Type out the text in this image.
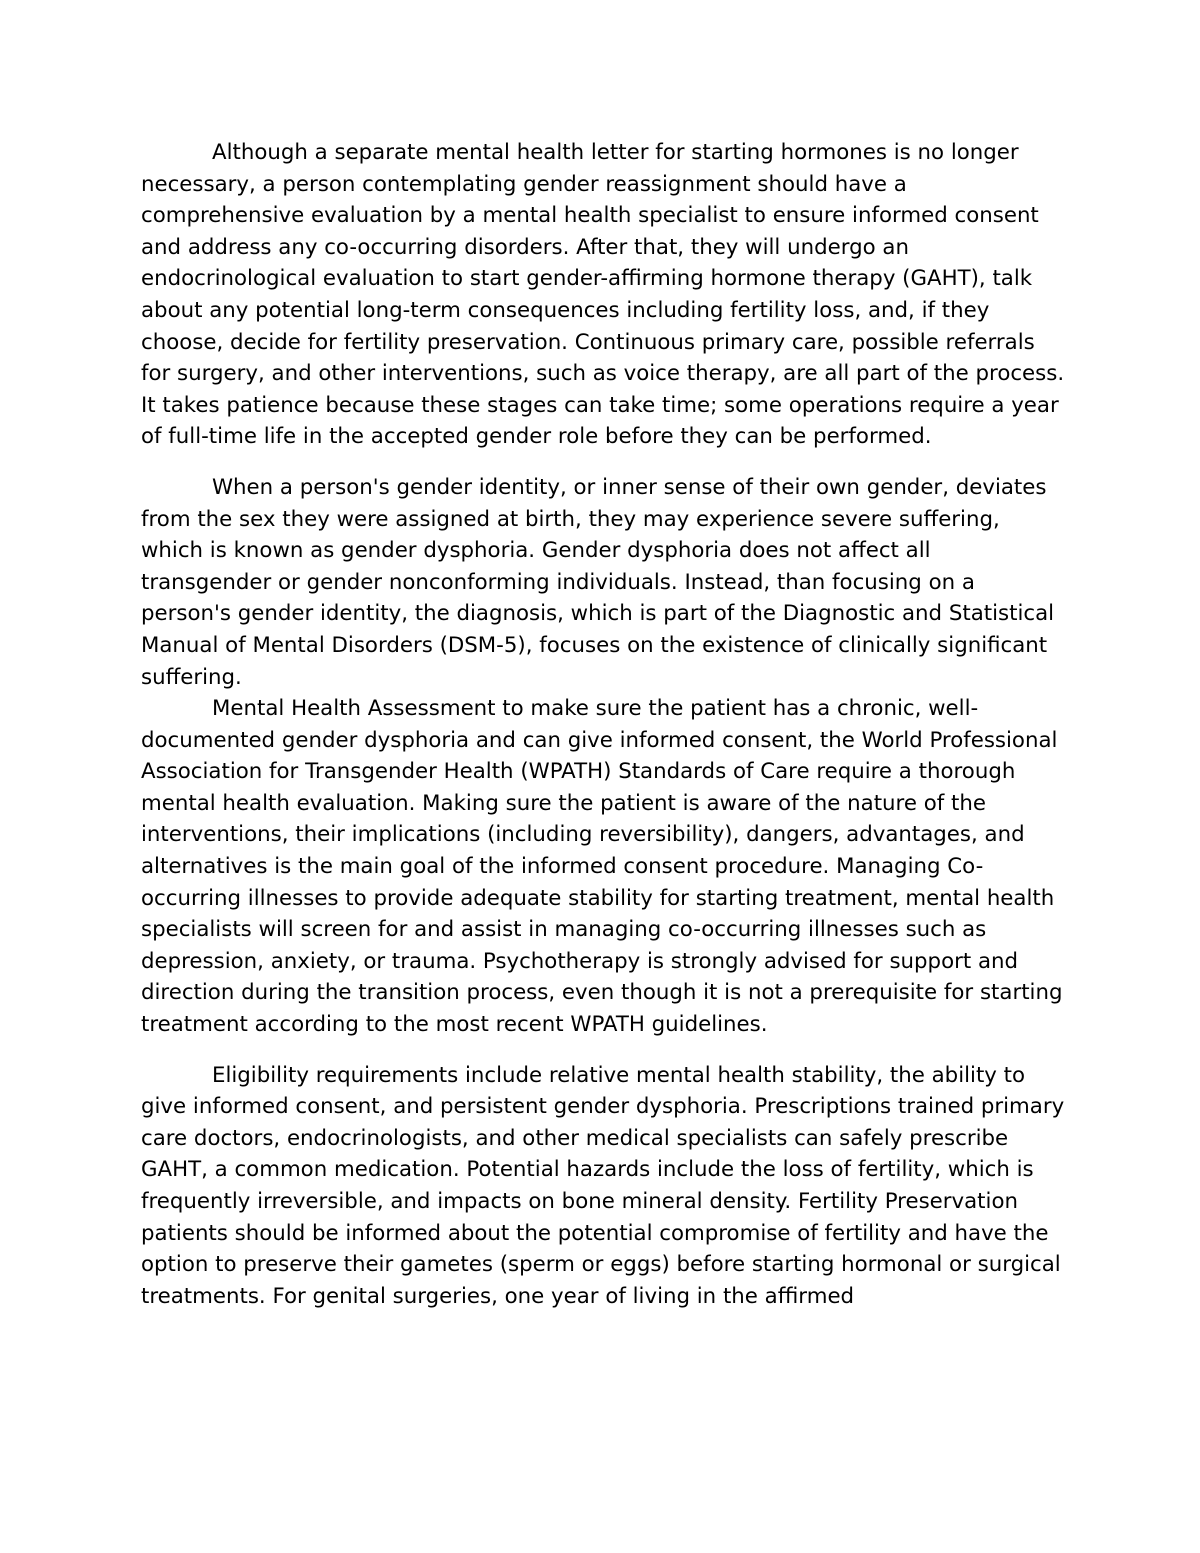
Although a separate mental health letter for starting hormones is no longer necessary, a person contemplating gender reassignment should have a comprehensive evaluation by a mental health specialist to ensure informed consent and address any co-occurring disorders. After that, they will undergo an endocrinological evaluation to start gender-affirming hormone therapy (GAHT), talk about any potential long-term consequences including fertility loss, and, if they choose, decide for fertility preservation. Continuous primary care, possible referrals for surgery, and other interventions, such as voice therapy, are all part of the process. It takes patience because these stages can take time; some operations require a year of full-time life in the accepted gender role before they can be performed.

When a person's gender identity, or inner sense of their own gender, deviates from the sex they were assigned at birth, they may experience severe suffering, which is known as gender dysphoria. Gender dysphoria does not affect all transgender or gender nonconforming individuals. Instead, than focusing on a person's gender identity, the diagnosis, which is part of the Diagnostic and Statistical Manual of Mental Disorders (DSM-5), focuses on the existence of clinically significant suffering.

Mental Health Assessment to make sure the patient has a chronic, well-documented gender dysphoria and can give informed consent, the World Professional Association for Transgender Health (WPATH) Standards of Care require a thorough mental health evaluation. Making sure the patient is aware of the nature of the interventions, their implications (including reversibility), dangers, advantages, and alternatives is the main goal of the informed consent procedure. Managing Co-occurring illnesses to provide adequate stability for starting treatment, mental health specialists will screen for and assist in managing co-occurring illnesses such as depression, anxiety, or trauma. Psychotherapy is strongly advised for support and direction during the transition process, even though it is not a prerequisite for starting treatment according to the most recent WPATH guidelines.

Eligibility requirements include relative mental health stability, the ability to give informed consent, and persistent gender dysphoria. Prescriptions trained primary care doctors, endocrinologists, and other medical specialists can safely prescribe GAHT, a common medication. Potential hazards include the loss of fertility, which is frequently irreversible, and impacts on bone mineral density. Fertility Preservation patients should be informed about the potential compromise of fertility and have the option to preserve their gametes (sperm or eggs) before starting hormonal or surgical treatments. For genital surgeries, one year of living in the affirmed
